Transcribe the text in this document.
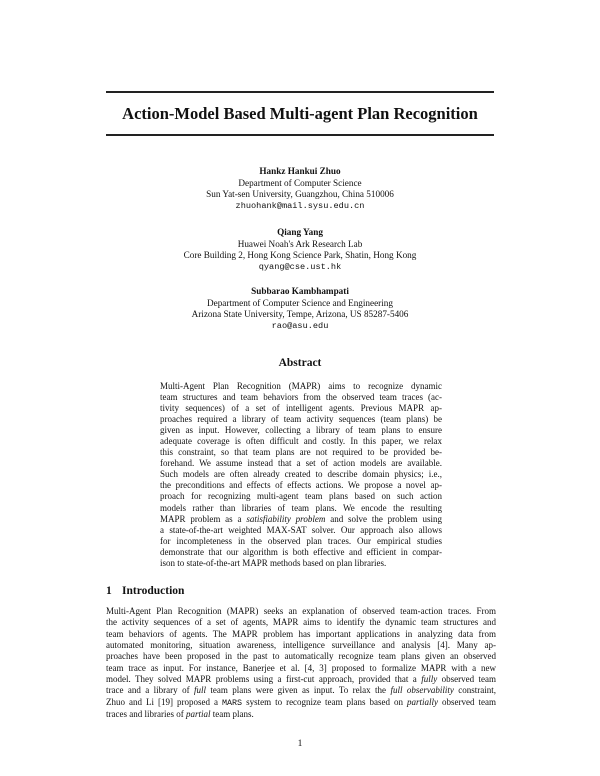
Action-Model Based Multi-agent Plan Recognition
Hankz Hankui Zhuo
Department of Computer Science
Sun Yat-sen University, Guangzhou, China 510006
zhuohank@mail.sysu.edu.cn
Qiang Yang
Huawei Noah's Ark Research Lab
Core Building 2, Hong Kong Science Park, Shatin, Hong Kong
qyang@cse.ust.hk
Subbarao Kambhampati
Department of Computer Science and Engineering
Arizona State University, Tempe, Arizona, US 85287-5406
rao@asu.edu
Abstract
Multi-Agent Plan Recognition (MAPR) aims to recognize dynamic
team structures and team behaviors from the observed team traces (ac-
tivity sequences) of a set of intelligent agents. Previous MAPR ap-
proaches required a library of team activity sequences (team plans) be
given as input. However, collecting a library of team plans to ensure
adequate coverage is often difficult and costly. In this paper, we relax
this constraint, so that team plans are not required to be provided be-
forehand. We assume instead that a set of action models are available.
Such models are often already created to describe domain physics; i.e.,
the preconditions and effects of effects actions. We propose a novel ap-
proach for recognizing multi-agent team plans based on such action
models rather than libraries of team plans. We encode the resulting
MAPR problem as a satisfiability problem and solve the problem using
a state-of-the-art weighted MAX-SAT solver. Our approach also allows
for incompleteness in the observed plan traces. Our empirical studies
demonstrate that our algorithm is both effective and efficient in compar-
ison to state-of-the-art MAPR methods based on plan libraries.
1 Introduction
Multi-Agent Plan Recognition (MAPR) seeks an explanation of observed team-action traces. From
the activity sequences of a set of agents, MAPR aims to identify the dynamic team structures and
team behaviors of agents. The MAPR problem has important applications in analyzing data from
automated monitoring, situation awareness, intelligence surveillance and analysis [4]. Many ap-
proaches have been proposed in the past to automatically recognize team plans given an observed
team trace as input. For instance, Banerjee et al. [4, 3] proposed to formalize MAPR with a new
model. They solved MAPR problems using a first-cut approach, provided that a fully observed team
trace and a library of full team plans were given as input. To relax the full observability constraint,
Zhuo and Li [19] proposed a MARS system to recognize team plans based on partially observed team
traces and libraries of partial team plans.
1
